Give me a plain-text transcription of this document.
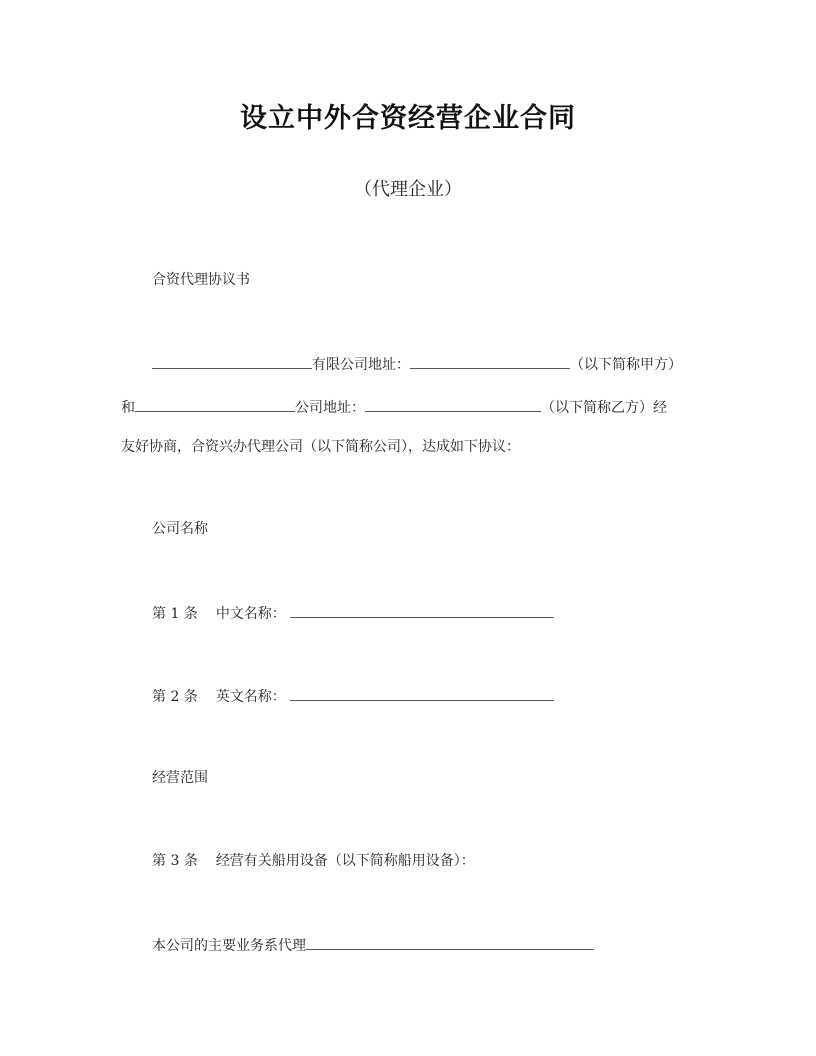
设立中外合资经营企业合同
（代理企业）
合资代理协议书
有限公司地址：	（以下简称甲方）
和	公司地址：	（以下简称乙方）经
友好协商，合资兴办代理公司（以下简称公司），达成如下协议：
公司名称
第 1 条 中文名称：
第 2 条 英文名称：
经营范围
第 3 条 经营有关船用设备（以下简称船用设备）：
本公司的主要业务系代理
